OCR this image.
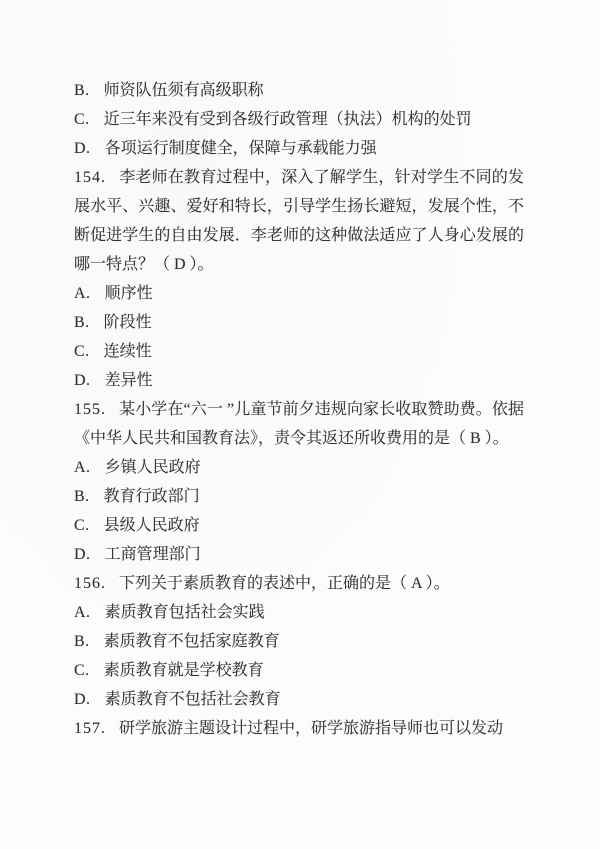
B. 师资队伍须有高级职称
C. 近三年来没有受到各级行政管理（执法）机构的处罚
D. 各项运行制度健全，保障与承载能力强

154. 李老师在教育过程中，深入了解学生，针对学生不同的发展水平、兴趣、爱好和特长，引导学生扬长避短，发展个性，不断促进学生的自由发展．李老师的这种做法适应了人身心发展的哪一特点？（ D ）。

A. 顺序性
B. 阶段性
C. 连续性
D. 差异性

155. 某小学在“六一 ”儿童节前夕违规向家长收取赞助费。依据《中华人民共和国教育法》，责令其返还所收费用的是（ B ）。

A. 乡镇人民政府
B. 教育行政部门
C. 县级人民政府
D. 工商管理部门

156. 下列关于素质教育的表述中，正确的是（ A ）。

A. 素质教育包括社会实践
B. 素质教育不包括家庭教育
C. 素质教育就是学校教育
D. 素质教育不包括社会教育

157. 研学旅游主题设计过程中，研学旅游指导师也可以发动
